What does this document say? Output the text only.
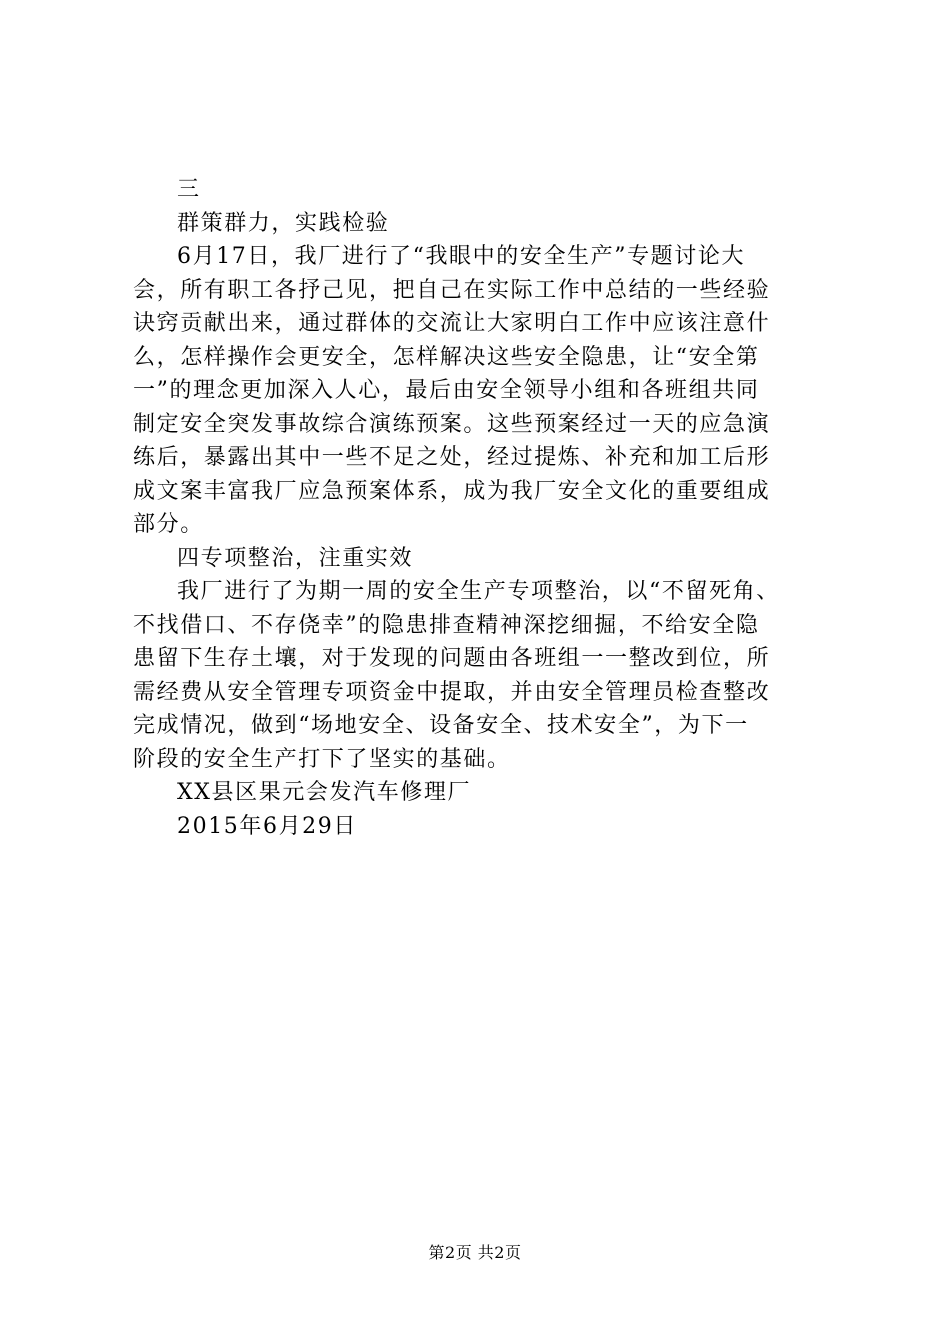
三
群策群力，实践检验
6月17日，我厂进行了“我眼中的安全生产”专题讨论大
会，所有职工各抒己见，把自己在实际工作中总结的一些经验
诀窍贡献出来，通过群体的交流让大家明白工作中应该注意什
么，怎样操作会更安全，怎样解决这些安全隐患，让“安全第
一”的理念更加深入人心，最后由安全领导小组和各班组共同
制定安全突发事故综合演练预案。这些预案经过一天的应急演
练后，暴露出其中一些不足之处，经过提炼、补充和加工后形
成文案丰富我厂应急预案体系，成为我厂安全文化的重要组成
部分。
四专项整治，注重实效
我厂进行了为期一周的安全生产专项整治，以“不留死角、
不找借口、不存侥幸”的隐患排查精神深挖细掘，不给安全隐
患留下生存土壤，对于发现的问题由各班组一一整改到位，所
需经费从安全管理专项资金中提取，并由安全管理员检查整改
完成情况，做到“场地安全、设备安全、技术安全”，为下一
阶段的安全生产打下了坚实的基础。
XX县区果元会发汽车修理厂
2015年6月29日
第2页 共2页
